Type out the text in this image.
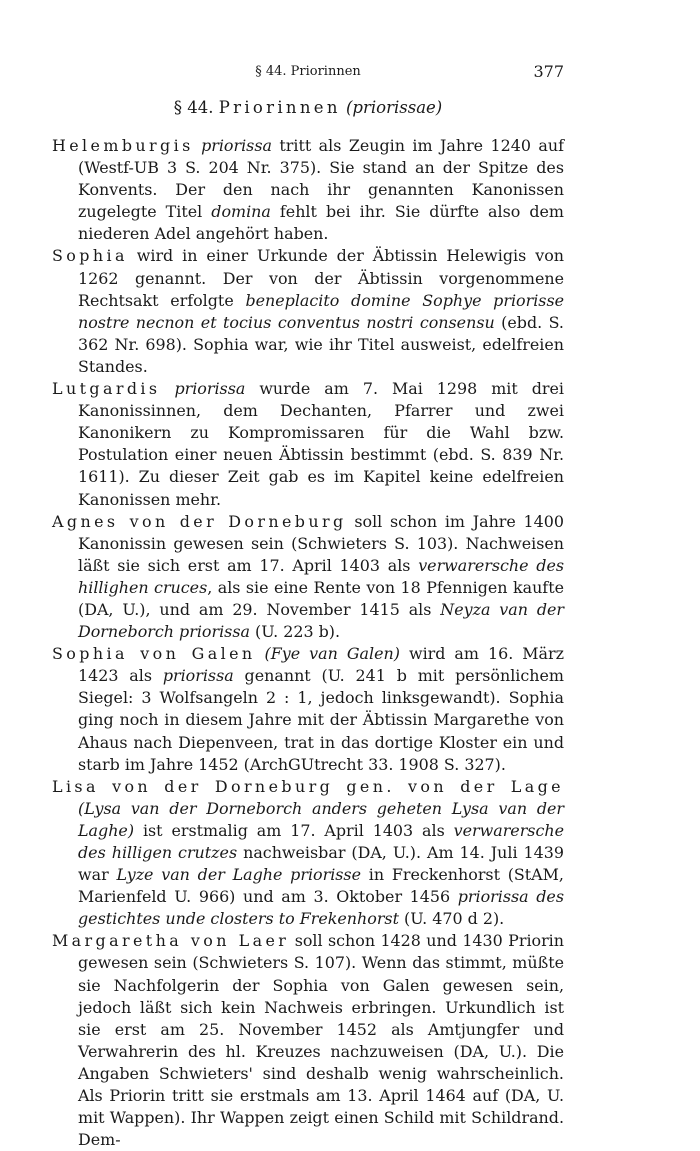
§ 44. Priorinnen	377
§ 44. Priorinnen (priorissae)

Helemburgis priorissa tritt als Zeugin im Jahre 1240 auf (Westf-UB 3 S. 204 Nr. 375). Sie stand an der Spitze des Konvents. Der den nach ihr genannten Kanonissen zugelegte Titel domina fehlt bei ihr. Sie dürfte also dem niederen Adel angehört haben.

Sophia wird in einer Urkunde der Äbtissin Helewigis von 1262 genannt. Der von der Äbtissin vorgenommene Rechtsakt erfolgte beneplacito domine Sophye priorisse nostre necnon et tocius conventus nostri consensu (ebd. S. 362 Nr. 698). Sophia war, wie ihr Titel ausweist, edelfreien Standes.

Lutgardis priorissa wurde am 7. Mai 1298 mit drei Kanonissinnen, dem Dechanten, Pfarrer und zwei Kanonikern zu Kompromissaren für die Wahl bzw. Postulation einer neuen Äbtissin bestimmt (ebd. S. 839 Nr. 1611). Zu dieser Zeit gab es im Kapitel keine edelfreien Kanonissen mehr.

Agnes von der Dorneburg soll schon im Jahre 1400 Kanonissin gewesen sein (Schwieters S. 103). Nachweisen läßt sie sich erst am 17. April 1403 als verwarersche des hillighen cruces, als sie eine Rente von 18 Pfennigen kaufte (DA, U.), und am 29. November 1415 als Neyza van der Dorneborch priorissa (U. 223 b).

Sophia von Galen (Fye van Galen) wird am 16. März 1423 als priorissa genannt (U. 241 b mit persönlichem Siegel: 3 Wolfsangeln 2 : 1, jedoch linksgewandt). Sophia ging noch in diesem Jahre mit der Äbtissin Margarethe von Ahaus nach Diepenveen, trat in das dortige Kloster ein und starb im Jahre 1452 (ArchGUtrecht 33. 1908 S. 327).

Lisa von der Dorneburg gen. von der Lage (Lysa van der Dorneborch anders geheten Lysa van der Laghe) ist erstmalig am 17. April 1403 als verwarersche des hilligen crutzes nachweisbar (DA, U.). Am 14. Juli 1439 war Lyze van der Laghe priorisse in Freckenhorst (StAM, Marienfeld U. 966) und am 3. Oktober 1456 priorissa des gestichtes unde closters to Frekenhorst (U. 470 d 2).

Margaretha von Laer soll schon 1428 und 1430 Priorin gewesen sein (Schwieters S. 107). Wenn das stimmt, müßte sie Nachfolgerin der Sophia von Galen gewesen sein, jedoch läßt sich kein Nachweis erbringen. Urkundlich ist sie erst am 25. November 1452 als Amtjungfer und Verwahrerin des hl. Kreuzes nachzuweisen (DA, U.). Die Angaben Schwieters' sind deshalb wenig wahrscheinlich. Als Priorin tritt sie erstmals am 13. April 1464 auf (DA, U. mit Wappen). Ihr Wappen zeigt einen Schild mit Schildrand. Dem-
